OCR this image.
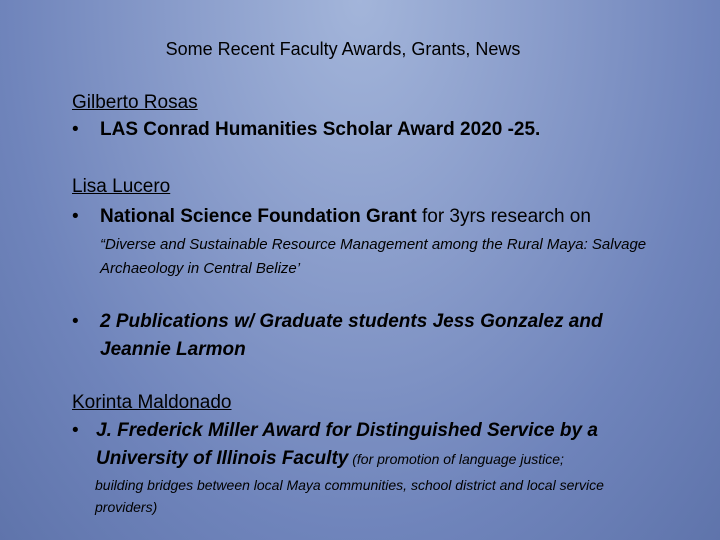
Some Recent Faculty Awards, Grants, News
Gilberto Rosas
•	LAS Conrad Humanities Scholar Award 2020 -25.
Lisa Lucero
•	National Science Foundation Grant for 3yrs research on
“Diverse and Sustainable Resource Management among the Rural Maya: Salvage Archaeology in Central Belize’
•	2 Publications w/ Graduate students Jess Gonzalez and Jeannie Larmon
Korinta Maldonado
• J. Frederick Miller Award for Distinguished Service by a University of Illinois Faculty (for promotion of language justice;
building bridges between local Maya communities, school district and local service providers)
